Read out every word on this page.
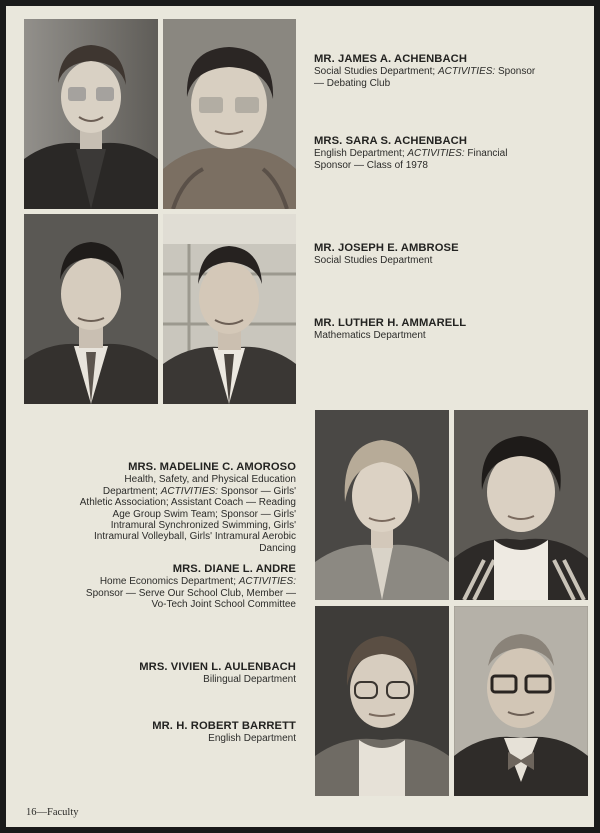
MR. JAMES A. ACHENBACH
Social Studies Department; ACTIVITIES: Sponsor — Debating Club
MRS. SARA S. ACHENBACH
English Department; ACTIVITIES: Financial Sponsor — Class of 1978
MR. JOSEPH E. AMBROSE
Social Studies Department
MR. LUTHER H. AMMARELL
Mathematics Department
MRS. MADELINE C. AMOROSO
Health, Safety, and Physical Education Department; ACTIVITIES: Sponsor — Girls' Athletic Association; Assistant Coach — Reading Age Group Swim Team; Sponsor — Girls' Intramural Synchronized Swimming, Girls' Intramural Volleyball, Girls' Intramural Aerobic Dancing
MRS. DIANE L. ANDRE
Home Economics Department; ACTIVITIES: Sponsor — Serve Our School Club, Member — Vo-Tech Joint School Committee
MRS. VIVIEN L. AULENBACH
Bilingual Department
MR. H. ROBERT BARRETT
English Department
16—Faculty
